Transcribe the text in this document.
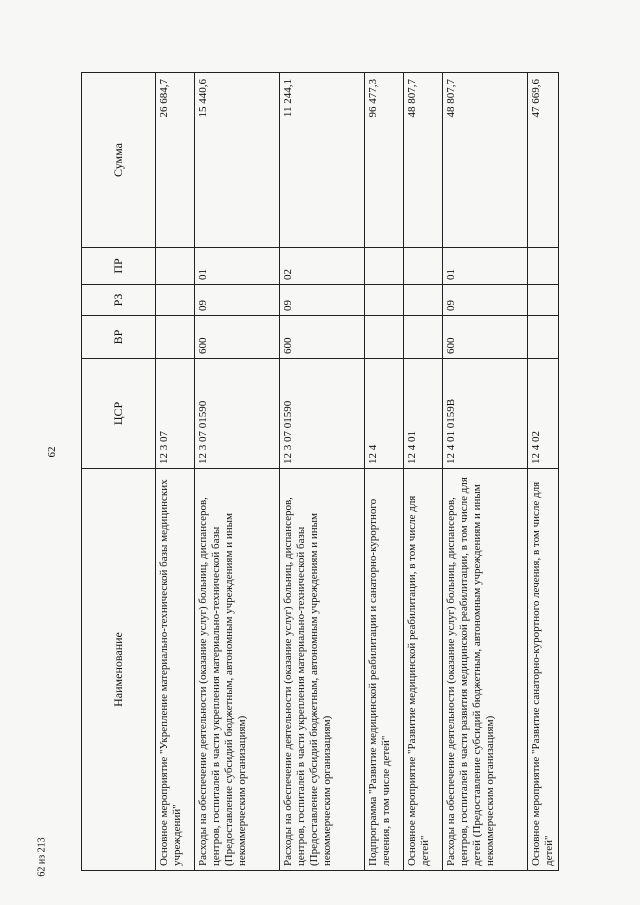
62
Наименование	ЦСР	ВР	РЗ	ПР	Сумма
Основное мероприятие "Укрепление материально-технической базы медицинских учреждений"	12 3 07				26 684,7
Расходы на обеспечение деятельности (оказание услуг) больниц, диспансеров, центров, госпиталей в части укрепления материально-технической базы (Предоставление субсидий бюджетным, автономным учреждениям и иным некоммерческим организациям)	12 3 07 01590	600	09	01	15 440,6
Расходы на обеспечение деятельности (оказание услуг) больниц, диспансеров, центров, госпиталей в части укрепления материально-технической базы (Предоставление субсидий бюджетным, автономным учреждениям и иным некоммерческим организациям)	12 3 07 01590	600	09	02	11 244,1
Подпрограмма "Развитие медицинской реабилитации и санаторно-курортного лечения, в том числе детей"	12 4				96 477,3
Основное мероприятие "Развитие медицинской реабилитации, в том числе для детей"	12 4 01				48 807,7
Расходы на обеспечение деятельности (оказание услуг) больниц, диспансеров, центров, госпиталей в части развития медицинской реабилитации, в том числе для детей (Предоставление субсидий бюджетным, автономным учреждениям и иным некоммерческим организациям)	12 4 01 0159В	600	09	01	48 807,7
Основное мероприятие "Развитие санаторно-курортного лечения, в том числе для детей"	12 4 02				47 669,6
62 из 213
